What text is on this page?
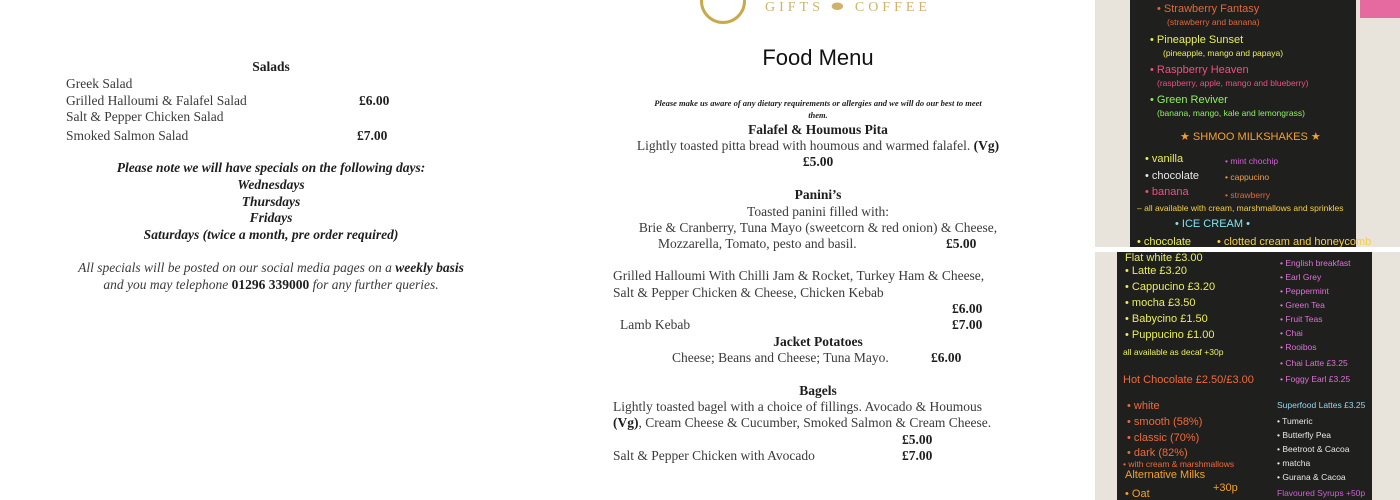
Salads
Greek Salad
Grilled Halloumi & Falafel Salad	£6.00
Salt & Pepper Chicken Salad
Smoked Salmon Salad	£7.00
Please note we will have specials on the following days:
Wednesdays
Thursdays
Fridays
Saturdays (twice a month, pre order required)
All specials will be posted on our social media pages on a weekly basis
and you may telephone 01296 339000 for any further queries.
GIFTS ⬬ COFFEE
Food Menu
Please make us aware of any dietary requirements or allergies and we will do our best to meet
them.
Falafel & Houmous Pita
Lightly toasted pitta bread with houmous and warmed falafel. (Vg)
£5.00
Panini’s
Toasted panini filled with:
Brie & Cranberry, Tuna Mayo (sweetcorn & red onion) & Cheese,
Mozzarella, Tomato, pesto and basil.	£5.00
Grilled Halloumi With Chilli Jam & Rocket, Turkey Ham & Cheese,
Salt & Pepper Chicken & Cheese, Chicken Kebab
£6.00
Lamb Kebab	£7.00
Jacket Potatoes
Cheese; Beans and Cheese; Tuna Mayo.	£6.00
Bagels
Lightly toasted bagel with a choice of fillings. Avocado & Houmous
(Vg), Cream Cheese & Cucumber, Smoked Salmon & Cream Cheese.
£5.00
Salt & Pepper Chicken with Avocado	£7.00
• Strawberry Fantasy
(strawberry and banana)
• Pineapple Sunset
(pineapple, mango and papaya)
• Raspberry Heaven
(raspberry, apple, mango and blueberry)
• Green Reviver
(banana, mango, kale and lemongrass)
★ SHMOO MILKSHAKES ★
• vanilla	• mint chochip
• chocolate	• cappucino
• banana	• strawberry
– all available with cream, marshmallows and sprinkles
• ICE CREAM •
• chocolate • clotted cream and honeycomb
Flat white £3.00
• Latte £3.20
• Cappucino £3.20
• mocha £3.50
• Babycino £1.50
• Puppucino £1.00
all available as decaf +30p
Hot Chocolate £2.50/£3.00
• white
• smooth (58%)
• classic (70%)
• dark (82%)
• with cream & marshmallows
Alternative Milks
+30p
• Oat
• English breakfast
• Earl Grey
• Peppermint
• Green Tea
• Fruit Teas
• Chai
• Rooibos
• Chai Latte £3.25
• Foggy Earl £3.25
Superfood Lattes £3.25
• Tumeric
• Butterfly Pea
• Beetroot & Cacoa
• matcha
• Gurana & Cacoa
Flavoured Syrups +50p
